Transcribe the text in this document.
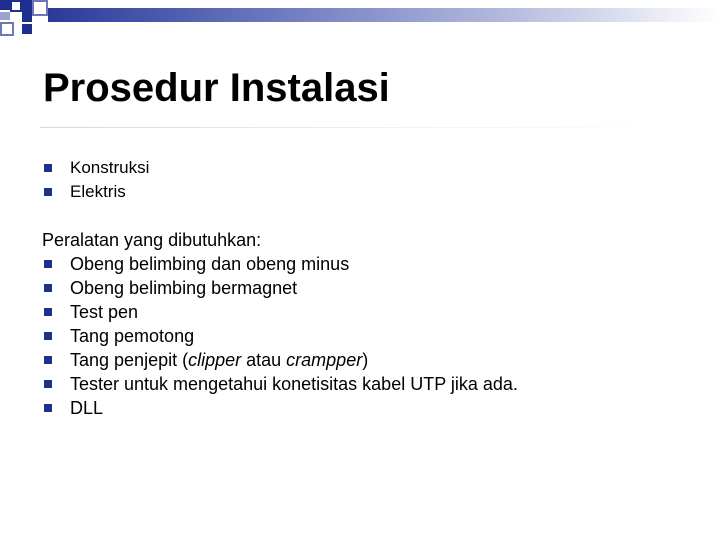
Prosedur Instalasi
Konstruksi
Elektris

Peralatan yang dibutuhkan:

Obeng belimbing dan obeng minus
Obeng belimbing bermagnet
Test pen
Tang pemotong
Tang penjepit (clipper atau crampper)
Tester untuk mengetahui konetisitas kabel UTP jika ada.
DLL
